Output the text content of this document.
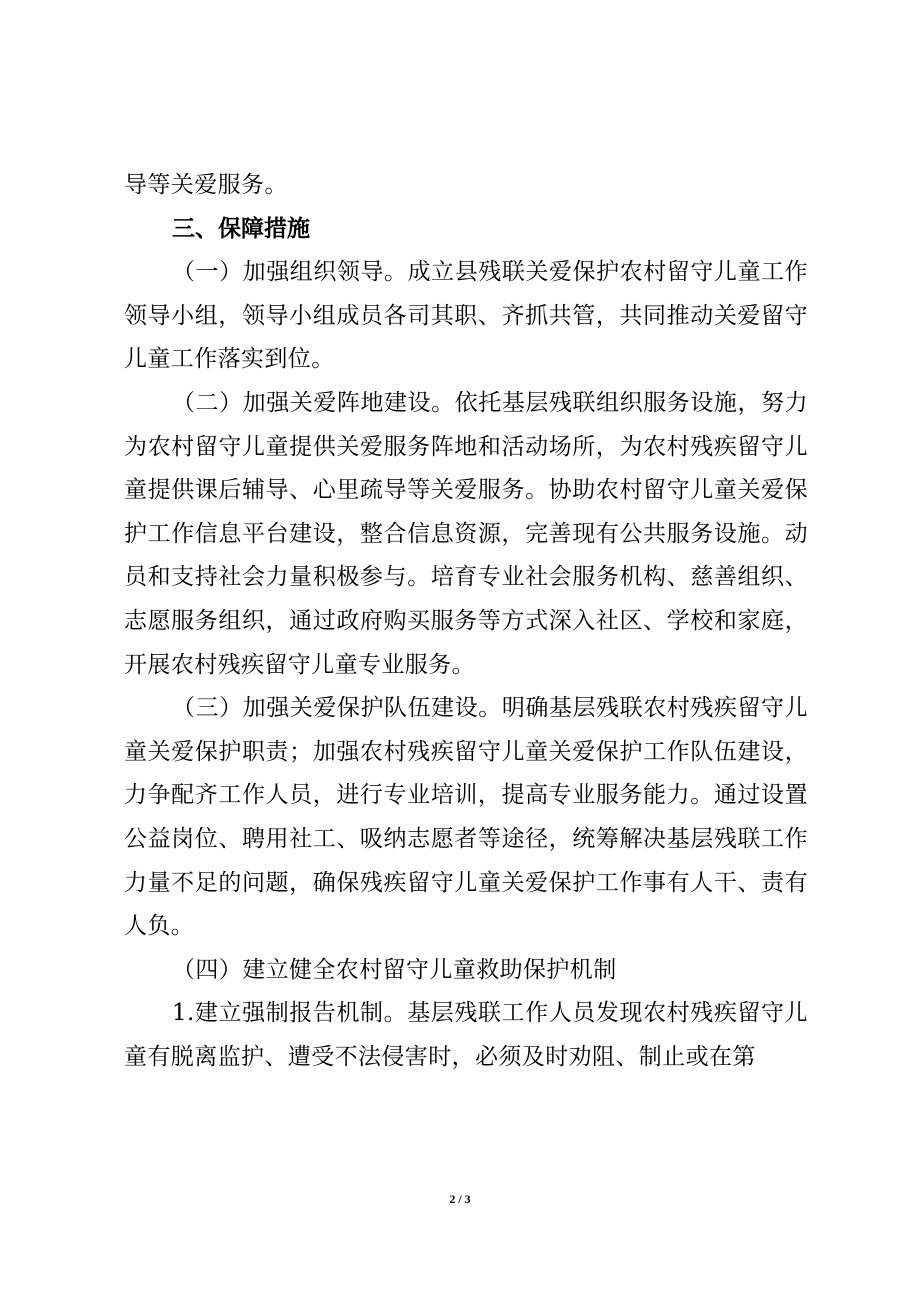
导等关爱服务。

三、保障措施

（一）加强组织领导。成立县残联关爱保护农村留守儿童工作领导小组，领导小组成员各司其职、齐抓共管，共同推动关爱留守儿童工作落实到位。

（二）加强关爱阵地建设。依托基层残联组织服务设施，努力为农村留守儿童提供关爱服务阵地和活动场所，为农村残疾留守儿童提供课后辅导、心里疏导等关爱服务。协助农村留守儿童关爱保护工作信息平台建设，整合信息资源，完善现有公共服务设施。动员和支持社会力量积极参与。培育专业社会服务机构、慈善组织、志愿服务组织，通过政府购买服务等方式深入社区、学校和家庭，开展农村残疾留守儿童专业服务。

（三）加强关爱保护队伍建设。明确基层残联农村残疾留守儿童关爱保护职责；加强农村残疾留守儿童关爱保护工作队伍建设，力争配齐工作人员，进行专业培训，提高专业服务能力。通过设置公益岗位、聘用社工、吸纳志愿者等途径，统筹解决基层残联工作力量不足的问题，确保残疾留守儿童关爱保护工作事有人干、责有人负。

（四）建立健全农村留守儿童救助保护机制

1.建立强制报告机制。基层残联工作人员发现农村残疾留守儿童有脱离监护、遭受不法侵害时，必须及时劝阻、制止或在第

2 / 3
